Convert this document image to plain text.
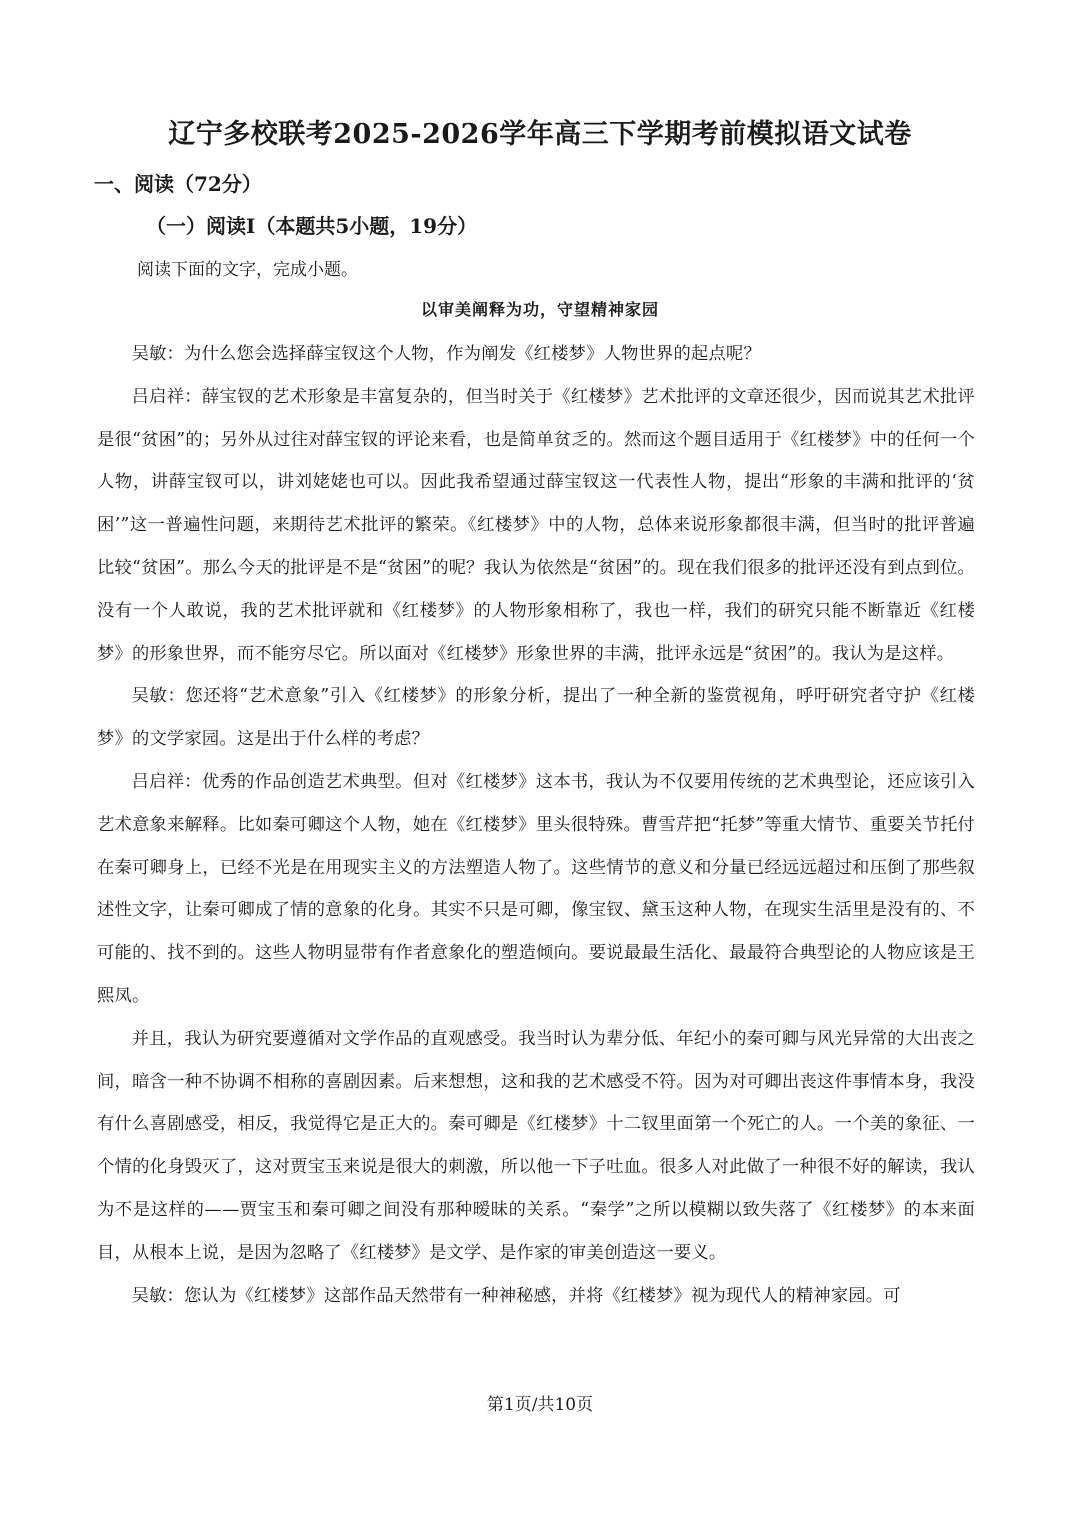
辽宁多校联考2025-2026学年高三下学期考前模拟语文试卷
一、阅读（72分）
（一）阅读Ⅰ（本题共5小题，19分）
阅读下面的文字，完成小题。
以审美阐释为功，守望精神家园

吴敏：为什么您会选择薛宝钗这个人物，作为阐发《红楼梦》人物世界的起点呢？

吕启祥：薛宝钗的艺术形象是丰富复杂的，但当时关于《红楼梦》艺术批评的文章还很少，因而说其艺术批评是很“贫困”的；另外从过往对薛宝钗的评论来看，也是简单贫乏的。然而这个题目适用于《红楼梦》中的任何一个人物，讲薛宝钗可以，讲刘姥姥也可以。因此我希望通过薛宝钗这一代表性人物，提出“形象的丰满和批评的‘贫困’”这一普遍性问题，来期待艺术批评的繁荣。《红楼梦》中的人物，总体来说形象都很丰满，但当时的批评普遍比较“贫困”。那么今天的批评是不是“贫困”的呢？我认为依然是“贫困”的。现在我们很多的批评还没有到点到位。没有一个人敢说，我的艺术批评就和《红楼梦》的人物形象相称了，我也一样，我们的研究只能不断靠近《红楼梦》的形象世界，而不能穷尽它。所以面对《红楼梦》形象世界的丰满，批评永远是“贫困”的。我认为是这样。

吴敏：您还将“艺术意象”引入《红楼梦》的形象分析，提出了一种全新的鉴赏视角，呼吁研究者守护《红楼梦》的文学家园。这是出于什么样的考虑？

吕启祥：优秀的作品创造艺术典型。但对《红楼梦》这本书，我认为不仅要用传统的艺术典型论，还应该引入艺术意象来解释。比如秦可卿这个人物，她在《红楼梦》里头很特殊。曹雪芹把“托梦”等重大情节、重要关节托付在秦可卿身上，已经不光是在用现实主义的方法塑造人物了。这些情节的意义和分量已经远远超过和压倒了那些叙述性文字，让秦可卿成了情的意象的化身。其实不只是可卿，像宝钗、黛玉这种人物，在现实生活里是没有的、不可能的、找不到的。这些人物明显带有作者意象化的塑造倾向。要说最最生活化、最最符合典型论的人物应该是王熙凤。

并且，我认为研究要遵循对文学作品的直观感受。我当时认为辈分低、年纪小的秦可卿与风光异常的大出丧之间，暗含一种不协调不相称的喜剧因素。后来想想，这和我的艺术感受不符。因为对可卿出丧这件事情本身，我没有什么喜剧感受，相反，我觉得它是正大的。秦可卿是《红楼梦》十二钗里面第一个死亡的人。一个美的象征、一个情的化身毁灭了，这对贾宝玉来说是很大的刺激，所以他一下子吐血。很多人对此做了一种很不好的解读，我认为不是这样的——贾宝玉和秦可卿之间没有那种暧昧的关系。“秦学”之所以模糊以致失落了《红楼梦》的本来面目，从根本上说，是因为忽略了《红楼梦》是文学、是作家的审美创造这一要义。

吴敏：您认为《红楼梦》这部作品天然带有一种神秘感，并将《红楼梦》视为现代人的精神家园。可

第1页/共10页
